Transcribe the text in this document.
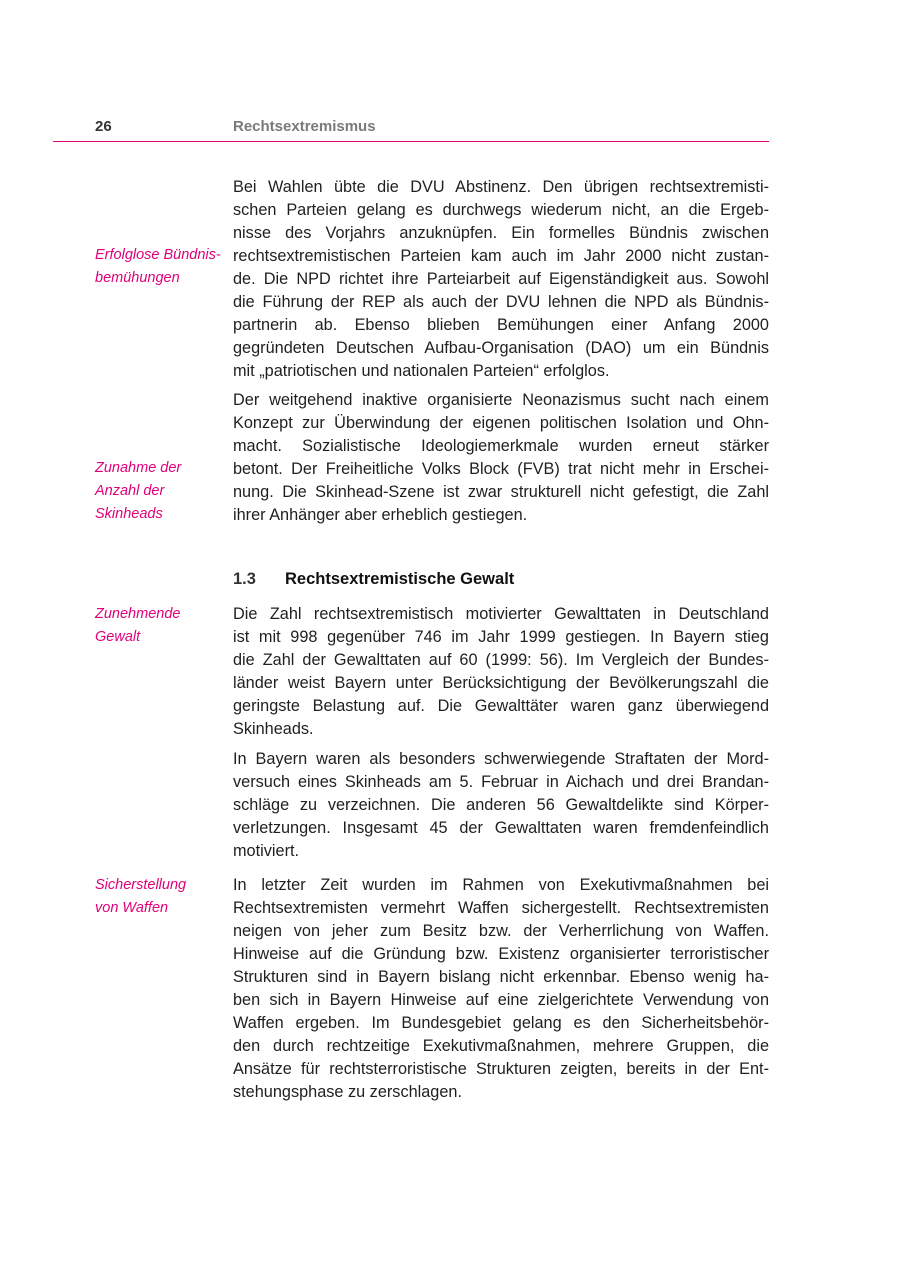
26	Rechtsextremismus
Erfolglose Bündnis-
bemühungen
Zunahme der
Anzahl der
Skinheads
Zunehmende
Gewalt
Sicherstellung
von Waffen
1.3 Rechtsextremistische Gewalt

Bei Wahlen übte die DVU Abstinenz. Den übrigen rechtsextremisti-
schen Parteien gelang es durchwegs wiederum nicht, an die Ergeb-
nisse des Vorjahrs anzuknüpfen. Ein formelles Bündnis zwischen
rechtsextremistischen Parteien kam auch im Jahr 2000 nicht zustan-
de. Die NPD richtet ihre Parteiarbeit auf Eigenständigkeit aus. Sowohl
die Führung der REP als auch der DVU lehnen die NPD als Bündnis-
partnerin ab. Ebenso blieben Bemühungen einer Anfang 2000
gegründeten Deutschen Aufbau-Organisation (DAO) um ein Bündnis
mit „patriotischen und nationalen Parteien“ erfolglos.

Der weitgehend inaktive organisierte Neonazismus sucht nach einem
Konzept zur Überwindung der eigenen politischen Isolation und Ohn-
macht. Sozialistische Ideologiemerkmale wurden erneut stärker
betont. Der Freiheitliche Volks Block (FVB) trat nicht mehr in Erschei-
nung. Die Skinhead-Szene ist zwar strukturell nicht gefestigt, die Zahl
ihrer Anhänger aber erheblich gestiegen.

Die Zahl rechtsextremistisch motivierter Gewalttaten in Deutschland
ist mit 998 gegenüber 746 im Jahr 1999 gestiegen. In Bayern stieg
die Zahl der Gewalttaten auf 60 (1999: 56). Im Vergleich der Bundes-
länder weist Bayern unter Berücksichtigung der Bevölkerungszahl die
geringste Belastung auf. Die Gewalttäter waren ganz überwiegend
Skinheads.

In Bayern waren als besonders schwerwiegende Straftaten der Mord-
versuch eines Skinheads am 5. Februar in Aichach und drei Brandan-
schläge zu verzeichnen. Die anderen 56 Gewaltdelikte sind Körper-
verletzungen. Insgesamt 45 der Gewalttaten waren fremdenfeindlich
motiviert.

In letzter Zeit wurden im Rahmen von Exekutivmaßnahmen bei
Rechtsextremisten vermehrt Waffen sichergestellt. Rechtsextremisten
neigen von jeher zum Besitz bzw. der Verherrlichung von Waffen.
Hinweise auf die Gründung bzw. Existenz organisierter terroristischer
Strukturen sind in Bayern bislang nicht erkennbar. Ebenso wenig ha-
ben sich in Bayern Hinweise auf eine zielgerichtete Verwendung von
Waffen ergeben. Im Bundesgebiet gelang es den Sicherheitsbehör-
den durch rechtzeitige Exekutivmaßnahmen, mehrere Gruppen, die
Ansätze für rechtsterroristische Strukturen zeigten, bereits in der Ent-
stehungsphase zu zerschlagen.
